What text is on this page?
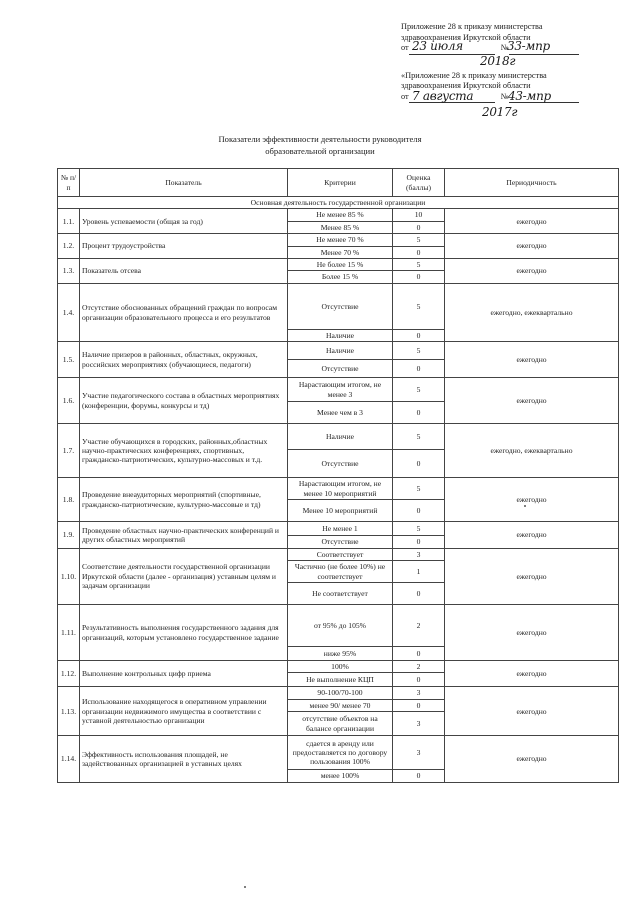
Приложение 28 к приказу министерства
здравоохранения Иркутской области
от	№
«Приложение 28 к приказу министерства
здравоохранения Иркутской области
от	№
23 июля	33-мпр
2018г
7 августа	43-мпр
2017г
Показатели эффективности деятельности руководителя
образовательной организации
№ п/п	Показатель	Критерии	Оценка (баллы)	Периодичность
Основная деятельность государственной организации				
1.1.	Уровень успеваемости (общая за год)	Не менее 85 %	10	ежегодно
		Менее 85 %	0	
1.2.	Процент трудоустройства	Не менее 70 %	5	ежегодно
		Менее 70 %	0	
1.3.	Показатель отсева	Не более 15 %	5	ежегодно
		Более 15 %	0	
1.4.	Отсутствие обоснованных обращений граждан по вопросам организации образовательного процесса и его результатов	Отсутствие	5	ежегодно, ежеквартально
		Наличие	0	
1.5.	Наличие призеров в районных, областных, окружных, российских мероприятиях (обучающиеся, педагоги)	Наличие	5	ежегодно
		Отсутствие	0	
1.6.	Участие педагогического состава в областных мероприятиях (конференции, форумы, конкурсы и тд)	Нарастающим итогом, не менее 3	5	ежегодно
		Менее чем в 3	0	
1.7.	Участие обучающихся в городских, районных,областных научно-практических конференциях, спортивных, гражданско-патриотических, культурно-массовых и т.д.	Наличие	5	ежегодно, ежеквартально
		Отсутствие	0	
1.8.	Проведение внеаудиторных мероприятий (спортивные, гражданско-патриотические, культурно-массовые и тд)	Нарастающим итогом, не менее 10 мероприятий	5	ежегодно
		Менее 10 мероприятий	0	
1.9.	Проведение областных научно-практических конференций и других областных мероприятий	Не менее 1	5	ежегодно
		Отсутствие	0	
1.10.	Соответствие деятельности государственной организации Иркутской области (далее - организация) уставным целям и задачам организации	Соответствует	3	ежегодно
		Частично (не более 10%) не соответствует	1	
		Не соответствует	0	
1.11.	Результативность выполнения государственного задания для организаций, которым установлено государственное задание	от 95% до 105%	2	ежегодно
		ниже 95%	0	
1.12.	Выполнение контрольных цифр приема	100%	2	ежегодно
		Не выполнение КЦП	0	
1.13.	Использование находящегося в оперативном управлении организации недвижимого имущества в соответствии с уставной деятельностью организации	90-100/70-100	3	ежегодно
		менее 90/ менее 70	0	
		отсутствие объектов на балансе организации	3	
1.14.	Эффективность использования площадей, не задействованных организацией в уставных целях	сдается в аренду или предоставляется по договору пользования 100%	3	ежегодно
		менее 100%	0	
